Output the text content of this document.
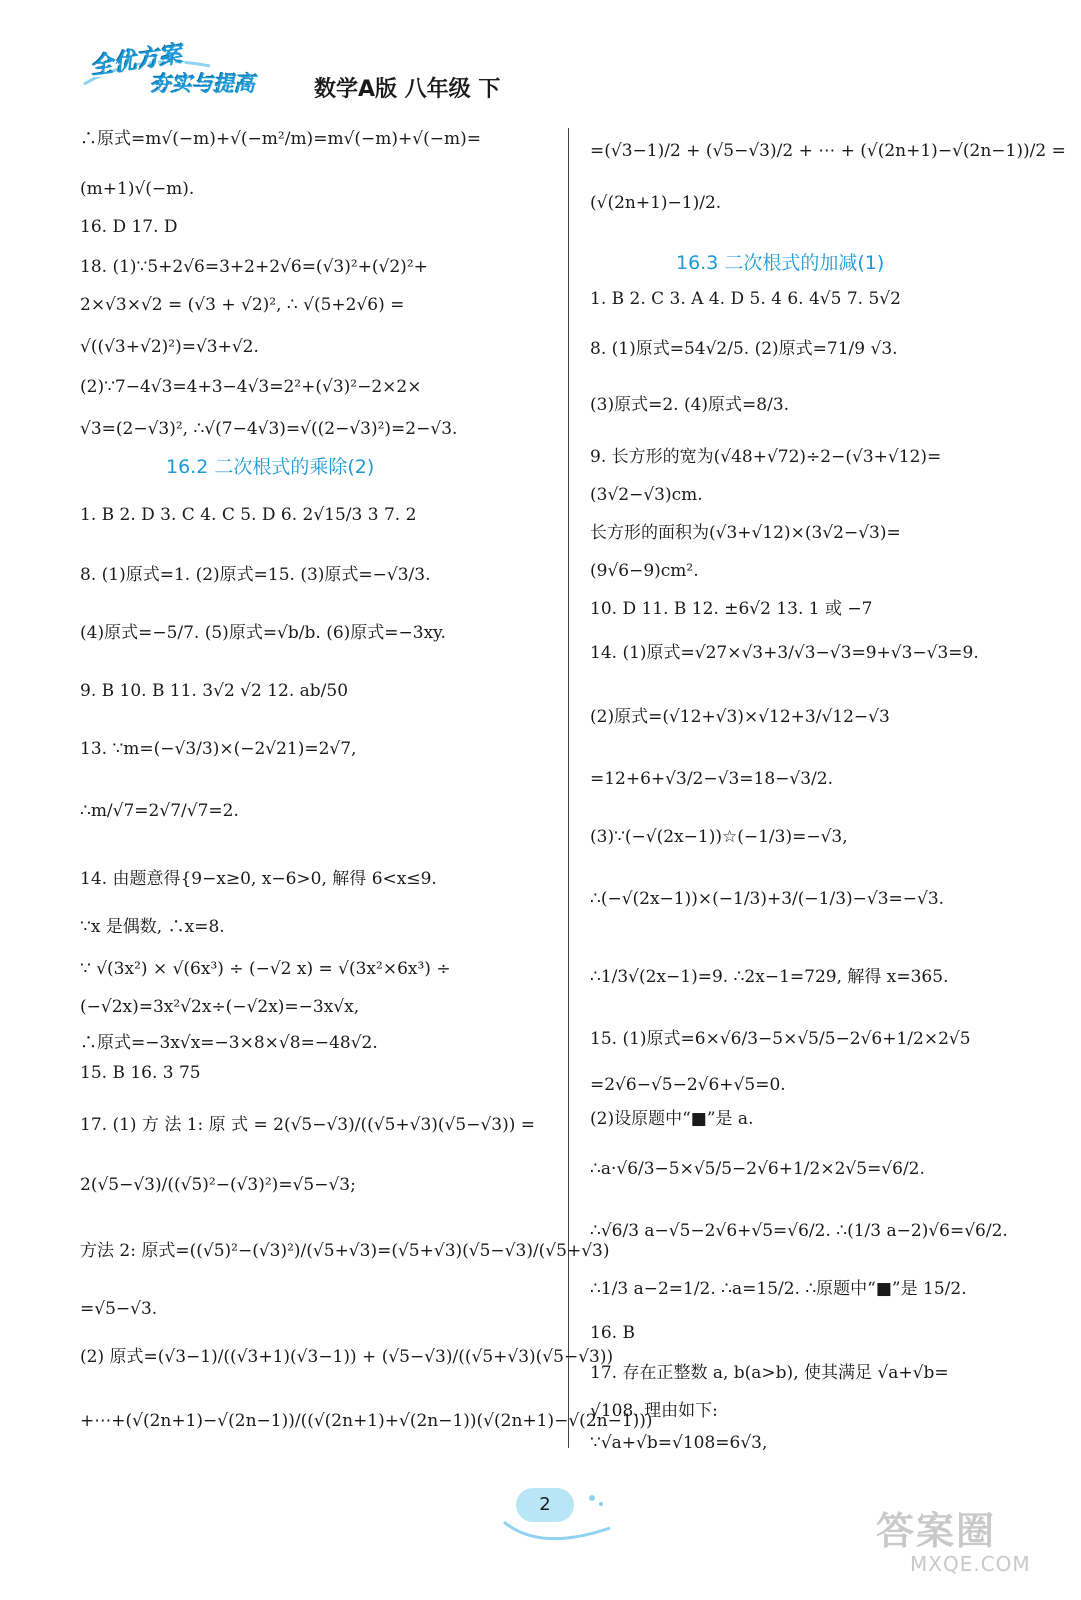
全优方案
夯实与提高	数学A版 八年级 下
∴原式=m√(−m)+√(−m²/m)=m√(−m)+√(−m)=
(m+1)√(−m).
16. D 17. D
18. (1)∵5+2√6=3+2+2√6=(√3)²+(√2)²+
2×√3×√2 = (√3 + √2)², ∴ √(5+2√6) =
√((√3+√2)²)=√3+√2.
(2)∵7−4√3=4+3−4√3=2²+(√3)²−2×2×
√3=(2−√3)², ∴√(7−4√3)=√((2−√3)²)=2−√3.
16.2 二次根式的乘除(2)
1. B 2. D 3. C 4. C 5. D 6. 2√15/3 3 7. 2
8. (1)原式=1. (2)原式=15. (3)原式=−√3/3.
(4)原式=−5/7. (5)原式=√b/b. (6)原式=−3xy.
9. B 10. B 11. 3√2 √2 12. ab/50
13. ∵m=(−√3/3)×(−2√21)=2√7,
∴m/√7=2√7/√7=2.
14. 由题意得{9−x≥0, x−6>0, 解得 6<x≤9.
∵x 是偶数, ∴x=8.
∵ √(3x²) × √(6x³) ÷ (−√2 x) = √(3x²×6x³) ÷
(−√2x)=3x²√2x÷(−√2x)=−3x√x,
∴原式=−3x√x=−3×8×√8=−48√2.
15. B 16. 3 75
17. (1) 方 法 1: 原 式 = 2(√5−√3)/((√5+√3)(√5−√3)) =
2(√5−√3)/((√5)²−(√3)²)=√5−√3;
方法 2: 原式=((√5)²−(√3)²)/(√5+√3)=(√5+√3)(√5−√3)/(√5+√3)
=√5−√3.
(2) 原式=(√3−1)/((√3+1)(√3−1)) + (√5−√3)/((√5+√3)(√5−√3))
+⋯+(√(2n+1)−√(2n−1))/((√(2n+1)+√(2n−1))(√(2n+1)−√(2n−1)))
=(√3−1)/2 + (√5−√3)/2 + ⋯ + (√(2n+1)−√(2n−1))/2 =
(√(2n+1)−1)/2.
16.3 二次根式的加减(1)
1. B 2. C 3. A 4. D 5. 4 6. 4√5 7. 5√2
8. (1)原式=54√2/5. (2)原式=71/9 √3.
(3)原式=2. (4)原式=8/3.
9. 长方形的宽为(√48+√72)÷2−(√3+√12)=
(3√2−√3)cm.
长方形的面积为(√3+√12)×(3√2−√3)=
(9√6−9)cm².
10. D 11. B 12. ±6√2 13. 1 或 −7
14. (1)原式=√27×√3+3/√3−√3=9+√3−√3=9.
(2)原式=(√12+√3)×√12+3/√12−√3
=12+6+√3/2−√3=18−√3/2.
(3)∵(−√(2x−1))☆(−1/3)=−√3,
∴(−√(2x−1))×(−1/3)+3/(−1/3)−√3=−√3.
∴1/3√(2x−1)=9. ∴2x−1=729, 解得 x=365.
15. (1)原式=6×√6/3−5×√5/5−2√6+1/2×2√5
=2√6−√5−2√6+√5=0.
(2)设原题中“■”是 a.
∴a·√6/3−5×√5/5−2√6+1/2×2√5=√6/2.
∴√6/3 a−√5−2√6+√5=√6/2. ∴(1/3 a−2)√6=√6/2.
∴1/3 a−2=1/2. ∴a=15/2. ∴原题中“■”是 15/2.
16. B
17. 存在正整数 a, b(a>b), 使其满足 √a+√b=
√108. 理由如下:
∵√a+√b=√108=6√3,
2
答案圈
MXQE.COM
